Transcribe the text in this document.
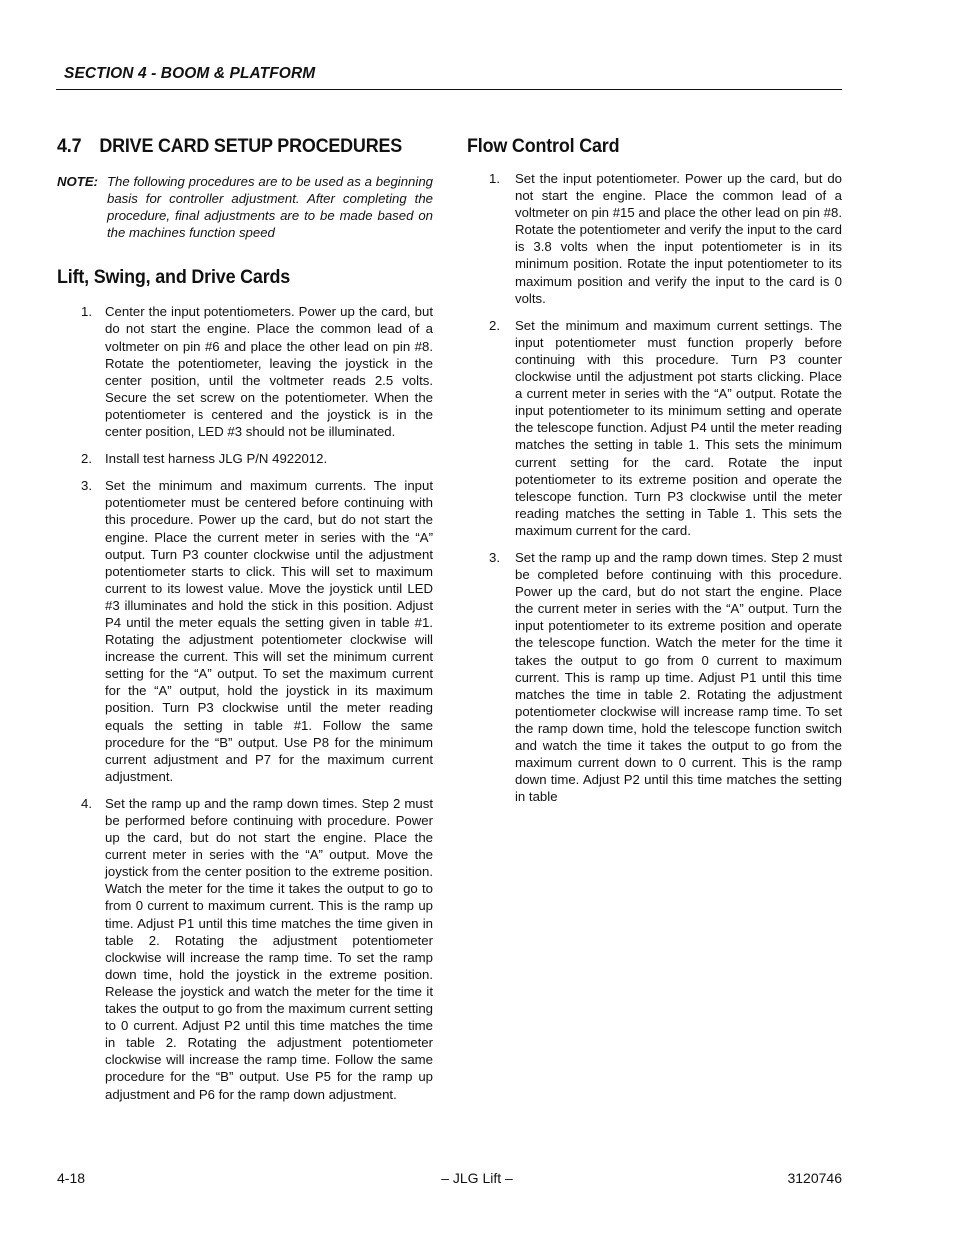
SECTION 4 - BOOM & PLATFORM
4.7 DRIVE CARD SETUP PROCEDURES
NOTE: The following procedures are to be used as a beginning basis for controller adjustment. After completing the procedure, final adjustments are to be made based on the machines function speed
Lift, Swing, and Drive Cards
1. Center the input potentiometers. Power up the card, but do not start the engine. Place the common lead of a voltmeter on pin #6 and place the other lead on pin #8. Rotate the potentiometer, leaving the joystick in the center position, until the voltmeter reads 2.5 volts. Secure the set screw on the potentiometer. When the potentiometer is centered and the joystick is in the center position, LED #3 should not be illuminated.
2. Install test harness JLG P/N 4922012.
3. Set the minimum and maximum currents. The input potentiometer must be centered before continuing with this procedure. Power up the card, but do not start the engine. Place the current meter in series with the “A” output. Turn P3 counter clockwise until the adjustment potentiometer starts to click. This will set to maximum current to its lowest value. Move the joystick until LED #3 illuminates and hold the stick in this position. Adjust P4 until the meter equals the setting given in table #1. Rotating the adjustment potentiometer clockwise will increase the current. This will set the minimum current setting for the “A” output. To set the maximum current for the “A” output, hold the joystick in its maximum position. Turn P3 clockwise until the meter reading equals the setting in table #1. Follow the same procedure for the “B” output. Use P8 for the minimum current adjustment and P7 for the maximum current adjustment.
4. Set the ramp up and the ramp down times. Step 2 must be performed before continuing with procedure. Power up the card, but do not start the engine. Place the current meter in series with the “A” output. Move the joystick from the center position to the extreme position. Watch the meter for the time it takes the output to go to from 0 current to maximum current. This is the ramp up time. Adjust P1 until this time matches the time given in table 2. Rotating the adjustment potentiometer clockwise will increase the ramp time. To set the ramp down time, hold the joystick in the extreme position. Release the joystick and watch the meter for the time it takes the output to go from the maximum current setting to 0 current. Adjust P2 until this time matches the time in table 2. Rotating the adjustment potentiometer clockwise will increase the ramp time. Follow the same procedure for the “B” output. Use P5 for the ramp up adjustment and P6 for the ramp down adjustment.
Flow Control Card
1.	Set the input potentiometer. Power up the card, but do not start the engine. Place the common lead of a voltmeter on pin #15 and place the other lead on pin #8. Rotate the potentiometer and verify the input to the card is 3.8 volts when the input potentiometer is in its minimum position. Rotate the input potentiometer to its maximum position and verify the input to the card is 0 volts.
2.	Set the minimum and maximum current settings. The input potentiometer must function properly before continuing with this procedure. Turn P3 counter clockwise until the adjustment pot starts clicking. Place a current meter in series with the “A” output. Rotate the input potentiometer to its minimum setting and operate the telescope function. Adjust P4 until the meter reading matches the setting in table 1. This sets the minimum current setting for the card. Rotate the input potentiometer to its extreme position and operate the telescope function. Turn P3 clockwise until the meter reading matches the setting in Table 1. This sets the maximum current for the card.
3.	Set the ramp up and the ramp down times. Step 2 must be completed before continuing with this procedure. Power up the card, but do not start the engine. Place the current meter in series with the “A” output. Turn the input potentiometer to its extreme position and operate the telescope function. Watch the meter for the time it takes the output to go from 0 current to maximum current. This is ramp up time. Adjust P1 until this time matches the time in table 2. Rotating the adjustment potentiometer clockwise will increase ramp time. To set the ramp down time, hold the telescope function switch and watch the time it takes the output to go from the maximum current down to 0 current. This is the ramp down time. Adjust P2 until this time matches the setting in table
4-18	– JLG Lift –	3120746
